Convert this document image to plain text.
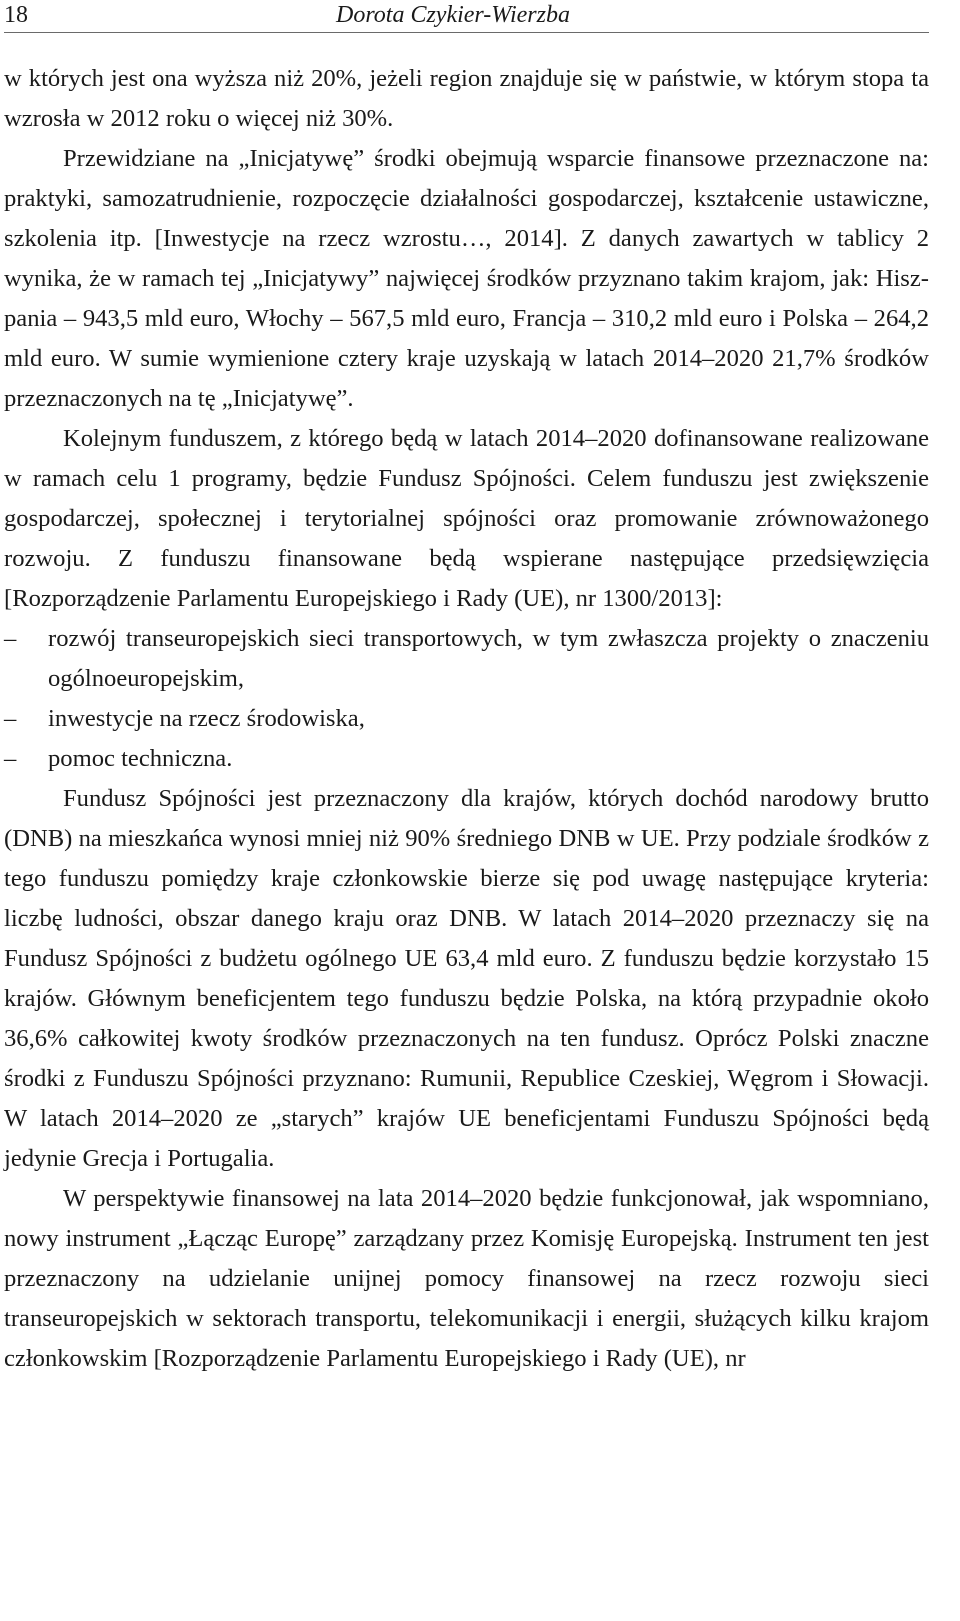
18	Dorota Czykier-Wierzba

w których jest ona wyższa niż 20%, jeżeli region znajduje się w państwie, w którym stopa ta wzrosła w 2012 roku o więcej niż 30%.

Przewidziane na „Inicjatywę” środki obejmują wsparcie finansowe przeznaczone na: praktyki, samozatrudnienie, rozpoczęcie działalności gospodarczej, kształcenie ustawiczne, szkolenia itp. [Inwestycje na rzecz wzrostu…, 2014]. Z danych zawartych w tablicy 2 wynika, że w ramach tej „Inicjatywy” najwięcej środków przyznano takim krajom, jak: Hiszpania – 943,5 mld euro, Włochy – 567,5 mld euro, Francja – 310,2 mld euro i Polska – 264,2 mld euro. W sumie wymienione cztery kraje uzyskają w latach 2014–2020 21,7% środków przeznaczonych na tę „Inicjatywę”.

Kolejnym funduszem, z którego będą w latach 2014–2020 dofinansowane realizowane w ramach celu 1 programy, będzie Fundusz Spójności. Celem funduszu jest zwiększenie gospodarczej, społecznej i terytorialnej spójności oraz promowanie zrównoważonego rozwoju. Z funduszu finansowane będą wspierane następujące przedsięwzięcia [Rozporządzenie Parlamentu Europejskiego i Rady (UE), nr 1300/2013]:

– rozwój transeuropejskich sieci transportowych, w tym zwłaszcza projekty o znaczeniu ogólnoeuropejskim,
– inwestycje na rzecz środowiska,
– pomoc techniczna.

Fundusz Spójności jest przeznaczony dla krajów, których dochód narodowy brutto (DNB) na mieszkańca wynosi mniej niż 90% średniego DNB w UE. Przy podziale środków z tego funduszu pomiędzy kraje członkowskie bierze się pod uwagę następujące kryteria: liczbę ludności, obszar danego kraju oraz DNB. W latach 2014–2020 przeznaczy się na Fundusz Spójności z budżetu ogólnego UE 63,4 mld euro. Z funduszu będzie korzystało 15 krajów. Głównym beneficjentem tego funduszu będzie Polska, na którą przypadnie około 36,6% całkowitej kwoty środków przeznaczonych na ten fundusz. Oprócz Polski znaczne środki z Funduszu Spójności przyznano: Rumunii, Republice Czeskiej, Węgrom i Słowacji. W latach 2014–2020 ze „starych” krajów UE beneficjentami Funduszu Spójności będą jedynie Grecja i Portugalia.

W perspektywie finansowej na lata 2014–2020 będzie funkcjonował, jak wspomniano, nowy instrument „Łącząc Europę” zarządzany przez Komisję Europejską. Instrument ten jest przeznaczony na udzielanie unijnej pomocy finansowej na rzecz rozwoju sieci transeuropejskich w sektorach transportu, telekomunikacji i energii, służących kilku krajom członkowskim [Rozporządzenie Parlamentu Europejskiego i Rady (UE), nr
